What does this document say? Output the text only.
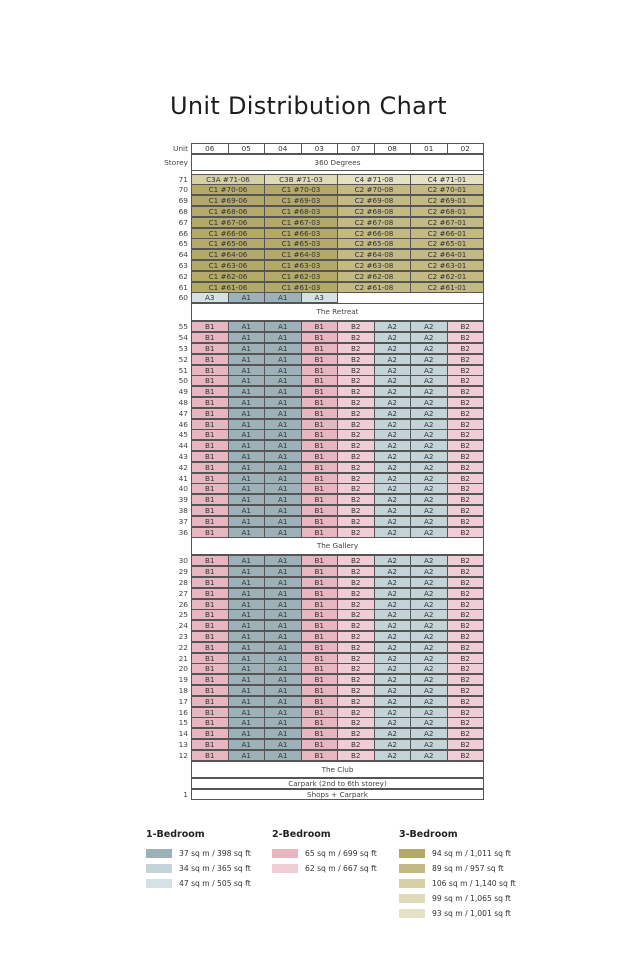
Unit Distribution Chart
Unit	06	05	04	03	07	08	01	02
360 Degrees
Storey
71	C3A #71-06	C3B #71-03	C4 #71-08	C4 #71-01
70	C1 #70-06	C1 #70-03	C2 #70-08	C2 #70-01
69	C1 #69-06	C1 #69-03	C2 #69-08	C2 #69-01
68	C1 #68-06	C1 #68-03	C2 #68-08	C2 #68-01
67	C1 #67-06	C1 #67-03	C2 #67-08	C2 #67-01
66	C1 #66-06	C1 #66-03	C2 #66-08	C2 #66-01
65	C1 #65-06	C1 #65-03	C2 #65-08	C2 #65-01
64	C1 #64-06	C1 #64-03	C2 #64-08	C2 #64-01
63	C1 #63-06	C1 #63-03	C2 #63-08	C2 #63-01
62	C1 #62-06	C1 #62-03	C2 #62-08	C2 #62-01
61	C1 #61-06	C1 #61-03	C2 #61-08	C2 #61-01
60	A3	A1	A1	A3
The Retreat
55	B1	A1	A1	B1	B2	A2	A2	B2
54	B1	A1	A1	B1	B2	A2	A2	B2
53	B1	A1	A1	B1	B2	A2	A2	B2
52	B1	A1	A1	B1	B2	A2	A2	B2
51	B1	A1	A1	B1	B2	A2	A2	B2
50	B1	A1	A1	B1	B2	A2	A2	B2
49	B1	A1	A1	B1	B2	A2	A2	B2
48	B1	A1	A1	B1	B2	A2	A2	B2
47	B1	A1	A1	B1	B2	A2	A2	B2
46	B1	A1	A1	B1	B2	A2	A2	B2
45	B1	A1	A1	B1	B2	A2	A2	B2
44	B1	A1	A1	B1	B2	A2	A2	B2
43	B1	A1	A1	B1	B2	A2	A2	B2
42	B1	A1	A1	B1	B2	A2	A2	B2
41	B1	A1	A1	B1	B2	A2	A2	B2
40	B1	A1	A1	B1	B2	A2	A2	B2
39	B1	A1	A1	B1	B2	A2	A2	B2
38	B1	A1	A1	B1	B2	A2	A2	B2
37	B1	A1	A1	B1	B2	A2	A2	B2
36	B1	A1	A1	B1	B2	A2	A2	B2
The Gallery
30	B1	A1	A1	B1	B2	A2	A2	B2
29	B1	A1	A1	B1	B2	A2	A2	B2
28	B1	A1	A1	B1	B2	A2	A2	B2
27	B1	A1	A1	B1	B2	A2	A2	B2
26	B1	A1	A1	B1	B2	A2	A2	B2
25	B1	A1	A1	B1	B2	A2	A2	B2
24	B1	A1	A1	B1	B2	A2	A2	B2
23	B1	A1	A1	B1	B2	A2	A2	B2
22	B1	A1	A1	B1	B2	A2	A2	B2
21	B1	A1	A1	B1	B2	A2	A2	B2
20	B1	A1	A1	B1	B2	A2	A2	B2
19	B1	A1	A1	B1	B2	A2	A2	B2
18	B1	A1	A1	B1	B2	A2	A2	B2
17	B1	A1	A1	B1	B2	A2	A2	B2
16	B1	A1	A1	B1	B2	A2	A2	B2
15	B1	A1	A1	B1	B2	A2	A2	B2
14	B1	A1	A1	B1	B2	A2	A2	B2
13	B1	A1	A1	B1	B2	A2	A2	B2
12	B1	A1	A1	B1	B2	A2	A2	B2
The Club
Carpark (2nd to 6th storey)
Shops + Carpark
1
1-Bedroom
37 sq m / 398 sq ft
34 sq m / 365 sq ft
47 sq m / 505 sq ft
2-Bedroom
65 sq m / 699 sq ft
62 sq m / 667 sq ft
3-Bedroom
94 sq m / 1,011 sq ft
89 sq m / 957 sq ft
106 sq m / 1,140 sq ft
99 sq m / 1,065 sq ft
93 sq m / 1,001 sq ft
